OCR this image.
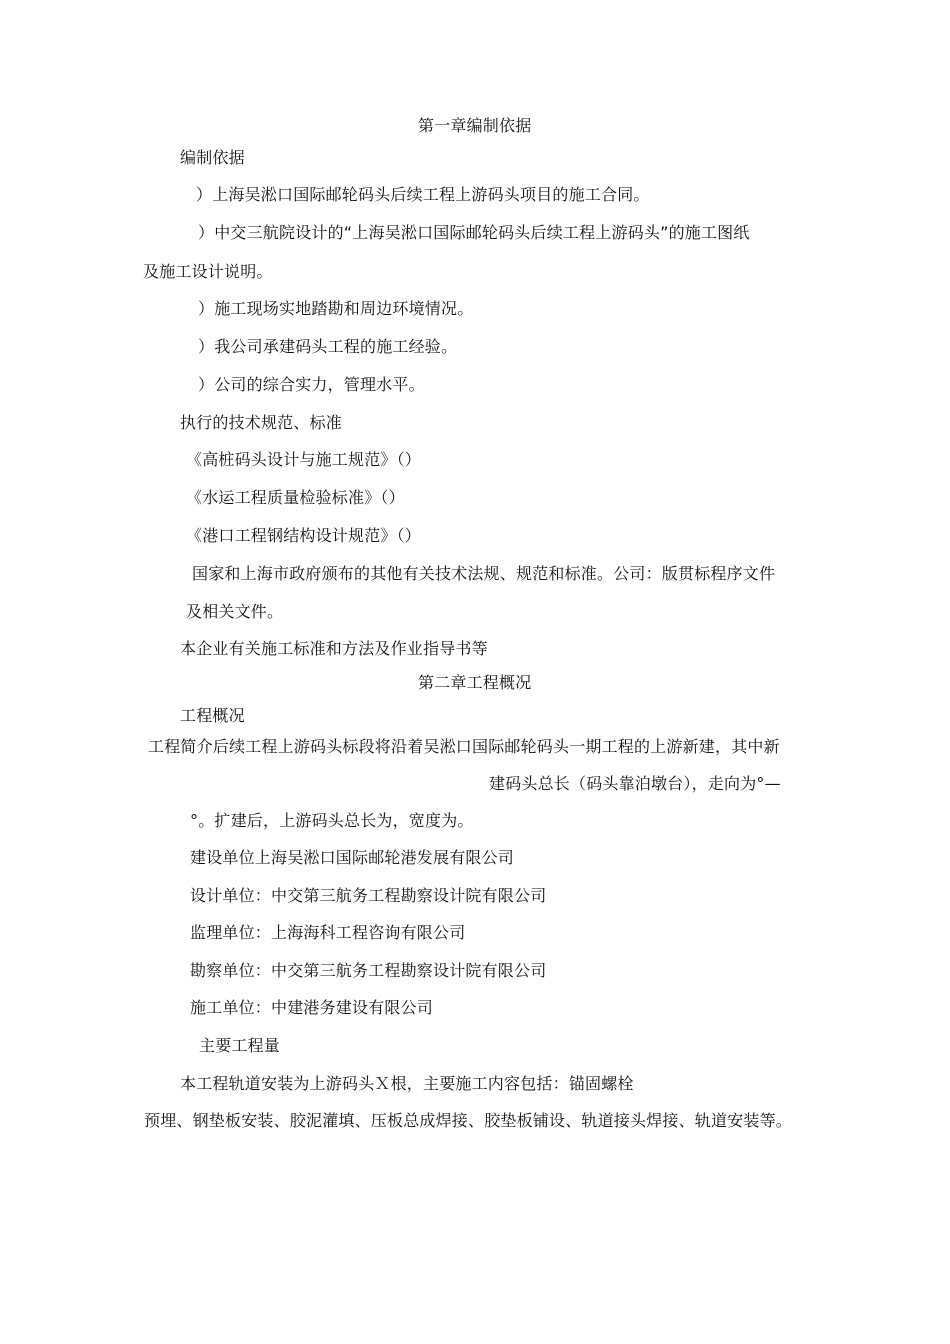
第一章编制依据
编制依据
）上海吴淞口国际邮轮码头后续工程上游码头项目的施工合同。
）中交三航院设计的“上海吴淞口国际邮轮码头后续工程上游码头”的施工图纸
及施工设计说明。
）施工现场实地踏勘和周边环境情况。
）我公司承建码头工程的施工经验。
）公司的综合实力，管理水平。
执行的技术规范、标准
《高桩码头设计与施工规范》（）
《水运工程质量检验标准》（）
《港口工程钢结构设计规范》（）
国家和上海市政府颁布的其他有关技术法规、规范和标准。公司：版贯标程序文件
及相关文件。
本企业有关施工标准和方法及作业指导书等
第二章工程概况
工程概况
工程简介后续工程上游码头标段将沿着吴淞口国际邮轮码头一期工程的上游新建，其中新
建码头总长（码头靠泊墩台），走向为°—
°。扩建后，上游码头总长为，宽度为。
建设单位上海吴淞口国际邮轮港发展有限公司
设计单位：中交第三航务工程勘察设计院有限公司
监理单位：上海海科工程咨询有限公司
勘察单位：中交第三航务工程勘察设计院有限公司
施工单位：中建港务建设有限公司
主要工程量
本工程轨道安装为上游码头Ｘ根，主要施工内容包括：锚固螺栓
预埋、钢垫板安装、胶泥灌填、压板总成焊接、胶垫板铺设、轨道接头焊接、轨道安装等。
